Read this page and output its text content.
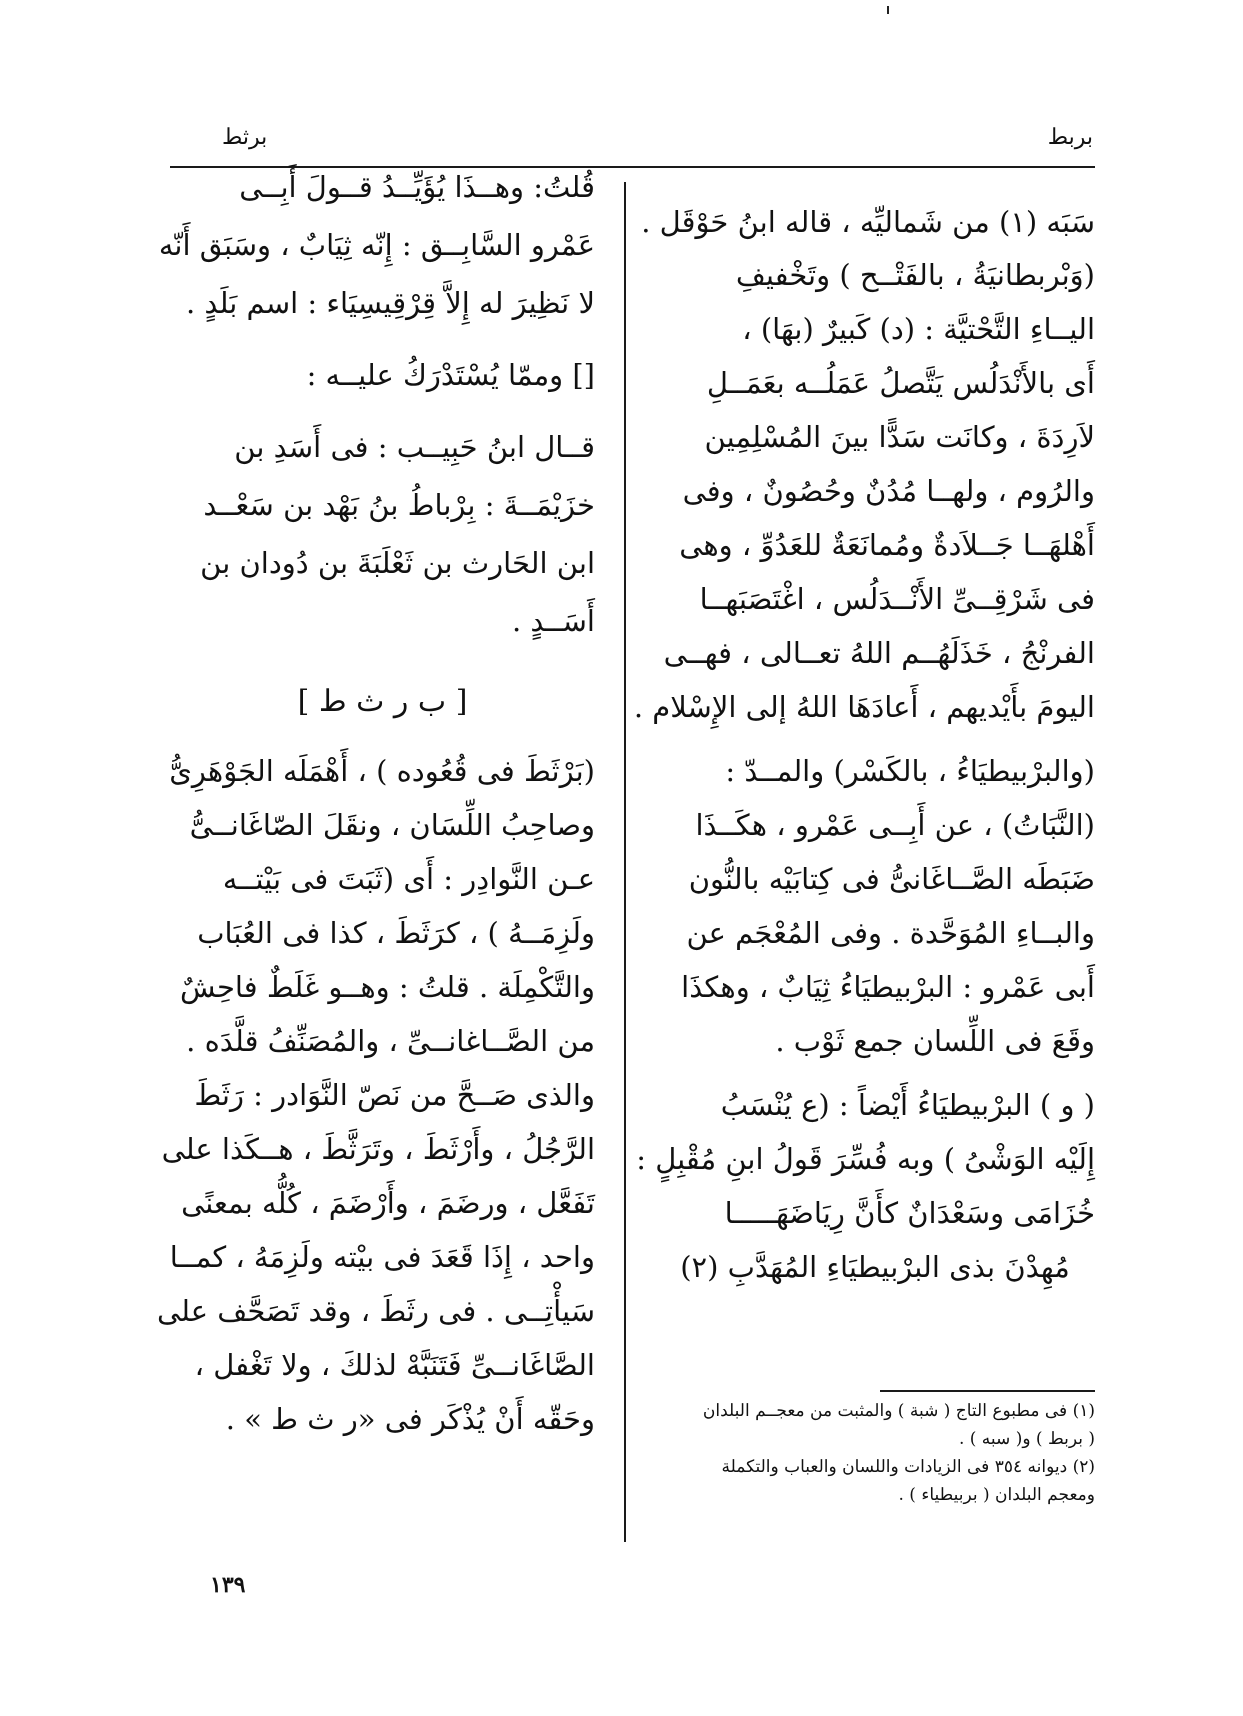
بربط
برثط

سَبَه (١) من شَماليِّه ، قاله ابنُ حَوْقَل .

(وَبْربطانيَةُ ، بالفَتْــح ) وتَخْفيفِ

اليــاءِ التَّحْتيَّة : (د) كَبيرٌ (بهَا) ،

أَى بالأَنْدَلُس يَتَّصلُ عَمَلُــه بعَمَــلِ

لاَرِدَةَ ، وكانَت سَدًّا بينَ المُسْلِمِين

والرُوم ، ولهــا مُدُنٌ وحُصُونٌ ، وفى

أَهْلهَــا جَــلاَدةٌ ومُمانَعَةٌ للعَدُوِّ ، وهى

فى شَرْقِــىِّ الأَنْــدَلُس ، اغْتَصَبَهــا

الفرنْجُ ، خَذَلَهُــم اللهُ تعــالى ، فهــى

اليومَ بأَيْديهم ، أَعادَهَا اللهُ إلى الإِسْلام .

(والبرْبيطيَاءُ ، بالكَسْر) والمــدّ :

(النَّبَاتُ) ، عن أَبِــى عَمْرو ، هكَــذَا

ضَبَطَه الصَّــاغَانىُّ فى كِتابَيْه بالنُّون

والبــاءِ المُوَحَّدة . وفى المُعْجَم عن

أَبى عَمْرو : البرْبيطيَاءُ ثِيَابٌ ، وهكذَا

وقَعَ فى اللِّسان جمع ثَوْب .

( و ) البرْبيطيَاءُ أَيْضاً : (ع يُنْسَبُ

إِلَيْه الوَشْىُ ) وبه فُسِّرَ قَولُ ابنِ مُقْبِلٍ :

خُزَامَى وسَعْدَانٌ كأَنَّ رِيَاضَهَـــــا

مُهِدْنَ بذى البرْبيطيَاءِ المُهَدَّبِ (٢)

(١) فى مطبوع التاج ( شبة ) والمثبت من معجــم البلدان
( بربط ) و( سبه ) .
(٢) ديوانه ٣٥٤ فى الزيادات واللسان والعباب والتكملة
ومعجم البلدان ( بربيطياء ) .

قُلتُ: وهــذَا يُؤَيِّــدُ قــولَ أَبِــى

عَمْرو السَّابِــق : إِنّه ثِيَابٌ ، وسَبَق أَنّه

لا نَظِيرَ له إِلاَّ قِرْقِيسِيَاء : اسم بَلَدٍ .

[] وممّا يُسْتَدْرَكُ عليــه :

قــال ابنُ حَبِيــب : فى أَسَدِ بن

خزَيْمَــةَ : بِرْباطُ بنُ بَهْد بن سَعْــد

ابن الحَارث بن ثَعْلَبَةَ بن دُودان بن

أَسَــدٍ .

[ ب ر ث ط ]

(بَرْثَطَ فى قُعُوده ) ، أَهْمَلَه الجَوْهَرِىُّ

وصاحِبُ اللِّسَان ، ونقَلَ الصّاغَانــىُّ

عـن النَّوادِر : أَى (ثَبَتَ فى بَيْتــه

ولَزِمَــهُ ) ، كرَثَطَ ، كذا فى العُبَاب

والتَّكْمِلَة . قلتُ : وهــو غَلَطٌ فاحِشٌ

من الصَّــاغانــىِّ ، والمُصَنِّفُ قلَّدَه .

والذى صَــحَّ من نَصّ النَّوَادر : رَثَطَ

الرَّجُلُ ، وأَرْثَطَ ، وتَرَثَّطَ ، هــكَذا على

تَفَعَّل ، ورضَمَ ، وأَرْضَمَ ، كُلُّه بمعنًى

واحد ، إِذَا قَعَدَ فى بيْته ولَزِمَهُ ، كمــا

سَيأْتِــى . فى رثَطَ ، وقد تَصَحَّف على

الصَّاغَانــىِّ فَتَنَبَّهْ لذلكَ ، ولا تَغْفل ،

وحَقّه أَنْ يُذْكَر فى «ر ث ط » .

١٣٩
